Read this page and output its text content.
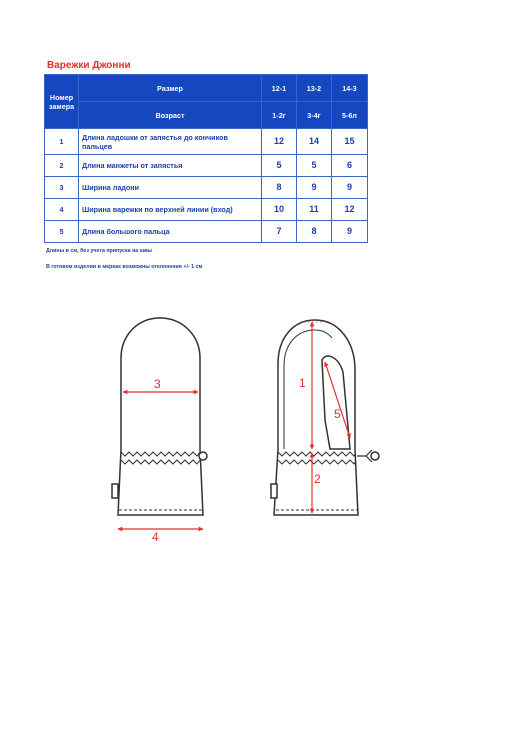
Варежки Джонни
Номер замера	Размер	12-1	13-2	14-3
	Возраст	1-2г	3-4г	5-6л
1	Длина ладошки от запястья до кончиков пальцев	12	14	15
2	Длина манжеты от запястья	5	5	6
3	Ширина ладони	8	9	9
4	Ширина варежки по верхней линии (вход)	10	11	12
5	Длина большого пальца	7	8	9
Длины в см, без учета припуска на швы
В готовом изделии в мерках возможны отклонения +/- 1 см
3
4
1
2
5
